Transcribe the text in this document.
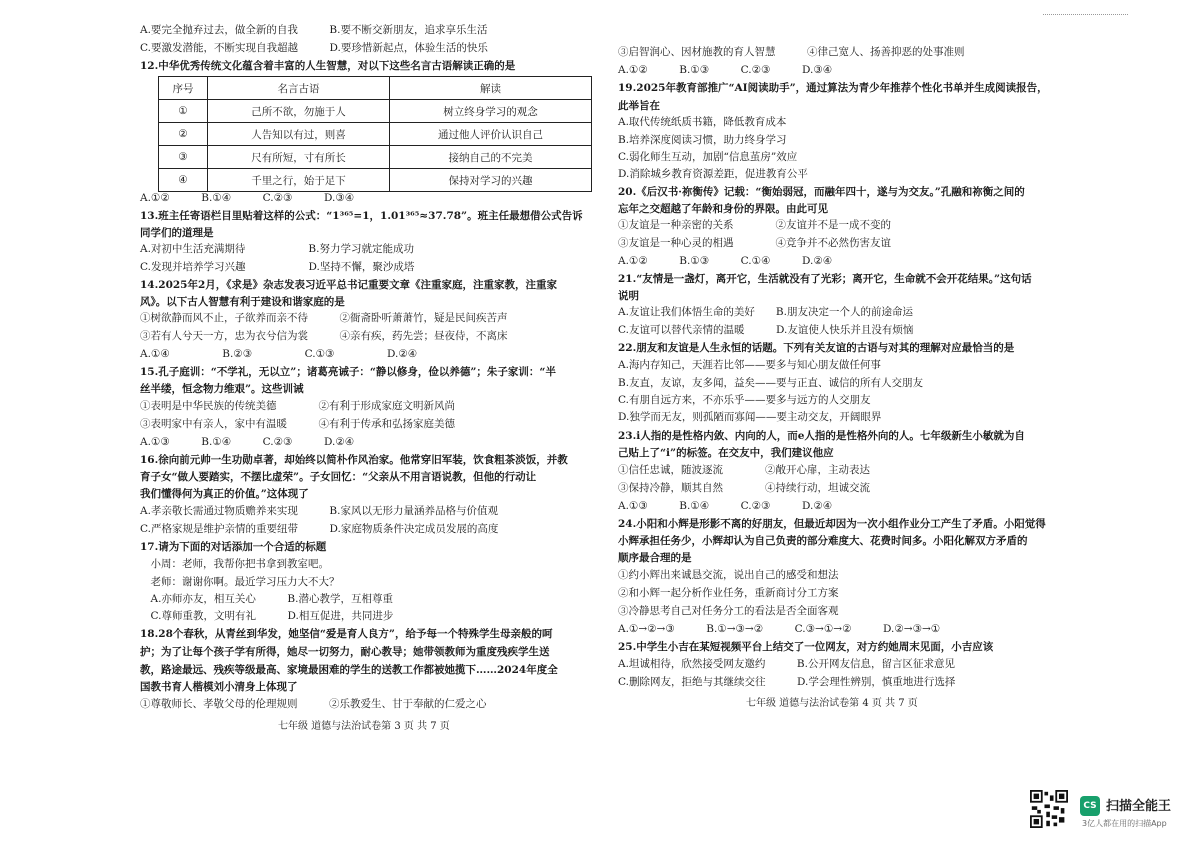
A.要完全抛弃过去，做全新的自我　　　B.要不断交新朋友，追求享乐生活
C.要激发潜能，不断实现自我超越　　　D.要珍惜新起点，体验生活的快乐
12.中华优秀传统文化蕴含着丰富的人生智慧，对以下这些名言古语解读正确的是
序号	名言古语	解读
①	己所不欲，勿施于人	树立终身学习的观念
②	人告知以有过，则喜	通过他人评价认识自己
③	尺有所短，寸有所长	接纳自己的不完美
④	千里之行，始于足下	保持对学习的兴趣
A.①②　　　B.①④　　　C.②③　　　D.③④
13.班主任寄语栏目里贴着这样的公式：“1³⁶⁵=1，1.01³⁶⁵≈37.78”。班主任最想借公式告诉
同学们的道理是
A.对初中生活充满期待　　　　　　B.努力学习就定能成功
C.发现并培养学习兴趣　　　　　　D.坚持不懈，聚沙成塔
14.2025年2月，《求是》杂志发表习近平总书记重要文章《注重家庭，注重家教，注重家
风》。以下古人智慧有利于建设和谐家庭的是
①树欲静而风不止，子欲养而亲不待　　　②衙斋卧听萧萧竹，疑是民间疾苦声
③若有人兮天一方，忠为衣兮信为裳　　　④亲有疾，药先尝；昼夜侍，不离床
A.①④　　　　　B.②③　　　　　C.①③　　　　　D.②④
15.孔子庭训：“不学礼，无以立”；诸葛亮诫子：“静以修身，俭以养德”；朱子家训：“半
丝半缕，恒念物力维艰”。这些训诫
①表明是中华民族的传统美德　　　　②有利于形成家庭文明新风尚
③表明家中有亲人，家中有温暖　　　④有利于传承和弘扬家庭美德
A.①③　　　B.①④　　　C.②③　　　D.②④
16.徐向前元帅一生功勋卓著，却始终以简朴作风治家。他常穿旧军装，饮食粗茶淡饭，并教
育子女“做人要踏实，不摆比虚荣”。子女回忆：“父亲从不用言语说教，但他的行动让
我们懂得何为真正的价值。”这体现了
A.孝亲敬长需通过物质赡养来实现　　　B.家风以无形力量涵养品格与价值观
C.严格家规是维护亲情的重要纽带　　　D.家庭物质条件决定成员发展的高度
17.请为下面的对话添加一个合适的标题
　小周：老师，我帮你把书拿到教室吧。
　老师：谢谢你啊。最近学习压力大不大？
　A.亦师亦友，相互关心　　　B.潜心教学，互相尊重
　C.尊师重教，文明有礼　　　D.相互促进，共同进步
18.28个春秋，从青丝到华发，她坚信“爱是育人良方”，给予每一个特殊学生母亲般的呵
护；为了让每个孩子学有所得，她尽一切努力，耐心教导；她带领教师为重度残疾学生送
教，路途最远、残疾等级最高、家境最困难的学生的送教工作都被她揽下……2024年度全
国教书育人楷模刘小清身上体现了
①尊敬师长、孝敬父母的伦理规则　　　②乐教爱生、甘于奉献的仁爱之心
七年级 道德与法治试卷第 3 页 共 7 页
③启智润心、因材施教的育人智慧　　　④律己宽人、扬善抑恶的处事准则
A.①②　　　B.①③　　　C.②③　　　D.③④
19.2025年教育部推广“AI阅读助手”，通过算法为青少年推荐个性化书单并生成阅读报告，
此举旨在
A.取代传统纸质书籍，降低教育成本
B.培养深度阅读习惯，助力终身学习
C.弱化师生互动，加剧“信息茧房”效应
D.消除城乡教育资源差距，促进教育公平
20.《后汉书·祢衡传》记载：“衡始弱冠，而融年四十，遂与为交友。”孔融和祢衡之间的
忘年之交超越了年龄和身份的界限。由此可见
①友谊是一种亲密的关系　　　　②友谊并不是一成不变的
③友谊是一种心灵的相遇　　　　④竞争并不必然伤害友谊
A.①②　　　B.①③　　　C.①④　　　D.②④
21.“友情是一盏灯，离开它，生活就没有了光彩；离开它，生命就不会开花结果。”这句话
说明
A.友谊让我们体悟生命的美好　　B.朋友决定一个人的前途命运
C.友谊可以替代亲情的温暖　　　D.友谊使人快乐并且没有烦恼
22.朋友和友谊是人生永恒的话题。下列有关友谊的古语与对其的理解对应最恰当的是
A.海内存知己，天涯若比邻——要多与知心朋友做任何事
B.友直，友谅，友多闻，益矣——要与正直、诚信的所有人交朋友
C.有朋自远方来，不亦乐乎——要多与远方的人交朋友
D.独学而无友，则孤陋而寡闻——要主动交友，开阔眼界
23.i人指的是性格内敛、内向的人，而e人指的是性格外向的人。七年级新生小敏就为自
己贴上了“i”的标签。在交友中，我们建议他应
①信任忠诚，随波逐流　　　　②敞开心扉，主动表达
③保持冷静，顺其自然　　　　④持续行动，坦诚交流
A.①③　　　B.①④　　　C.②③　　　D.②④
24.小阳和小辉是形影不离的好朋友，但最近却因为一次小组作业分工产生了矛盾。小阳觉得
小辉承担任务少，小辉却认为自己负责的部分难度大、花费时间多。小阳化解双方矛盾的
顺序最合理的是
①约小辉出来诚恳交流，说出自己的感受和想法
②和小辉一起分析作业任务，重新商讨分工方案
③冷静思考自己对任务分工的看法是否全面客观
A.①→②→③　　　B.①→③→②　　　C.③→①→②　　　D.②→③→①
25.中学生小吉在某短视频平台上结交了一位网友，对方约她周末见面，小吉应该
A.坦诚相待，欣然接受网友邀约　　　B.公开网友信息，留言区征求意见
C.删除网友，拒绝与其继续交往　　　D.学会理性辨别，慎重地进行选择
七年级 道德与法治试卷第 4 页 共 7 页
CS 扫描全能王
3亿人都在用的扫描App
